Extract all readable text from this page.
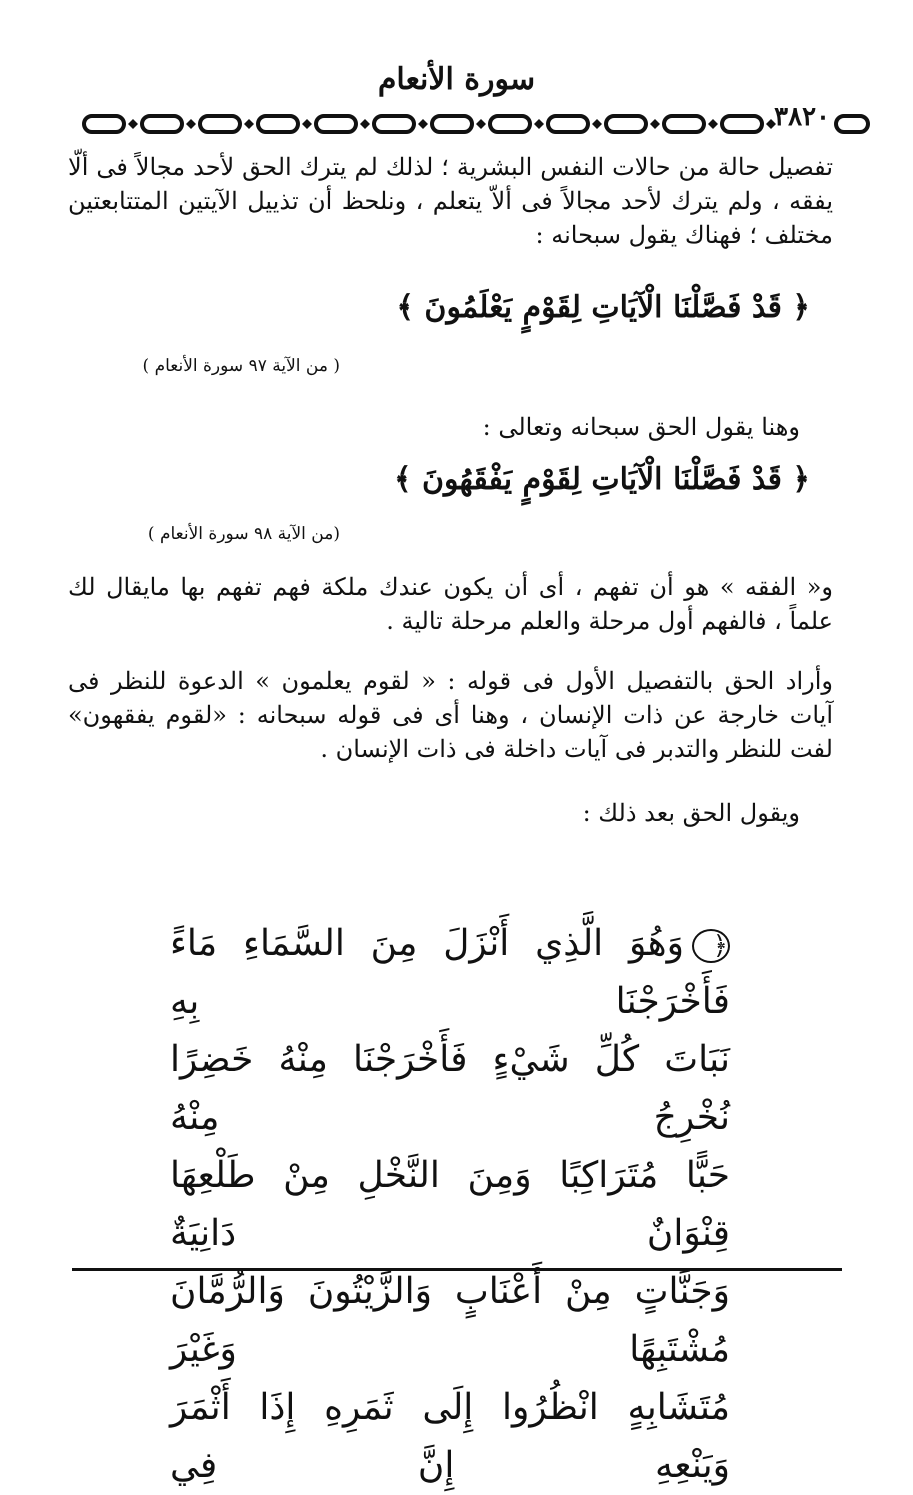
سورة الأنعام
٣٨٢٠
تفصيل حالة من حالات النفس البشرية ؛ لذلك لم يترك الحق لأحد مجالاً فى ألّا يفقه ، ولم يترك لأحد مجالاً فى ألاّ يتعلم ، ونلحظ أن تذييل الآيتين المتتابعتين مختلف ؛ فهناك يقول سبحانه :
﴿ قَدْ فَصَّلْنَا الْآيَاتِ لِقَوْمٍ يَعْلَمُونَ ﴾
( من الآية ٩٧ سورة الأنعام )
وهنا يقول الحق سبحانه وتعالى :
﴿ قَدْ فَصَّلْنَا الْآيَاتِ لِقَوْمٍ يَفْقَهُونَ ﴾
(من الآية ٩٨ سورة الأنعام )
و« الفقه » هو أن تفهم ، أى أن يكون عندك ملكة فهم تفهم بها مايقال لك علماً ، فالفهم أول مرحلة والعلم مرحلة تالية .
وأراد الحق بالتفصيل الأول فى قوله : « لقوم يعلمون » الدعوة للنظر فى آيات خارجة عن ذات الإنسان ، وهنا أى فى قوله سبحانه : «لقوم يفقهون» لفت للنظر والتدبر فى آيات داخلة فى ذات الإنسان .
ويقول الحق بعد ذلك :
﴿وَهُوَ الَّذِي أَنْزَلَ مِنَ السَّمَاءِ مَاءً فَأَخْرَجْنَا بِهِ
نَبَاتَ كُلِّ شَيْءٍ فَأَخْرَجْنَا مِنْهُ خَضِرًا نُخْرِجُ مِنْهُ
حَبًّا مُتَرَاكِبًا وَمِنَ النَّخْلِ مِنْ طَلْعِهَا قِنْوَانٌ دَانِيَةٌ
وَجَنَّاتٍ مِنْ أَعْنَابٍ وَالزَّيْتُونَ وَالرُّمَّانَ مُشْتَبِهًا وَغَيْرَ
مُتَشَابِهٍ انْظُرُوا إِلَى ثَمَرِهِ إِذَا أَثْمَرَ وَيَنْعِهِ إِنَّ فِي
